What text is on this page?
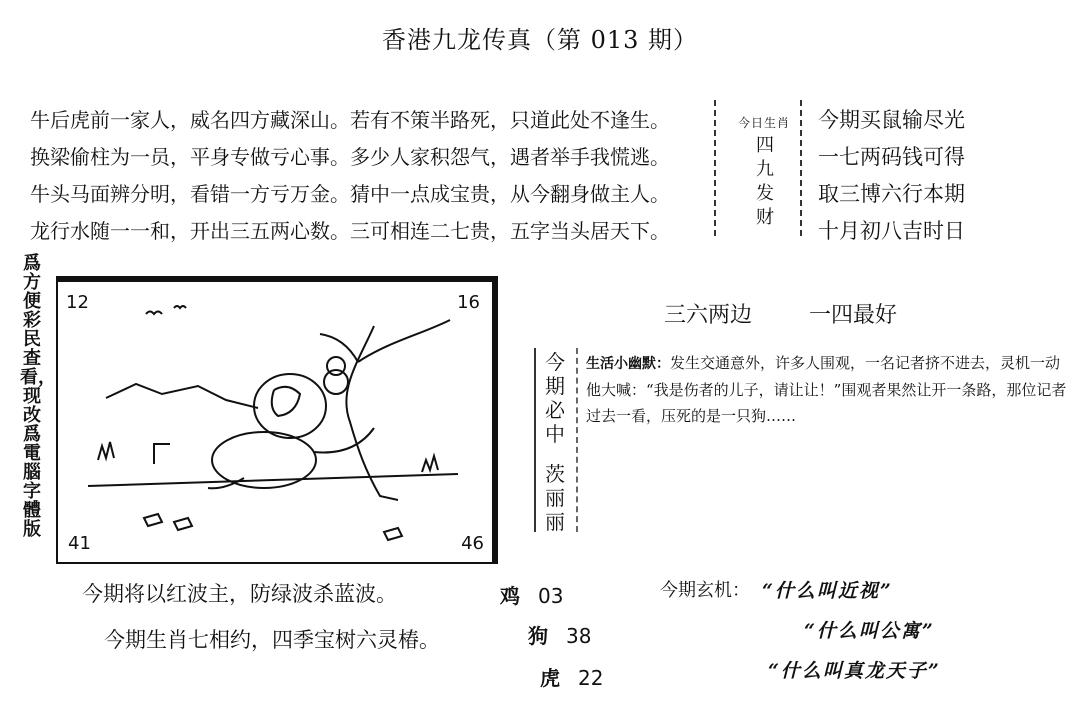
香港九龙传真（第 013 期）
牛后虎前一家人，威名四方藏深山。若有不策半路死，只道此处不逢生。
换梁偷柱为一员，平身专做亏心事。多少人家积怨气，遇者举手我慌逃。
牛头马面辨分明，看错一方亏万金。猜中一点成宝贵，从今翻身做主人。
龙行水随一一和，开出三五两心数。三可相连二七贵，五字当头居天下。
今日生肖
四
九
发
财
今期买鼠输尽光
一七两码钱可得
取三博六行本期
十月初八吉时日
爲方便彩民查看，现改爲電腦字體版
12	16
41	46
今期必中
茨丽丽
三六两边 一四最好
生活小幽默：发生交通意外，许多人围观，一名记者挤不进去，灵机一动他大喊：“我是伤者的儿子，请让让！”围观者果然让开一条路，那位记者过去一看，压死的是一只狗……
今期将以红波主，防绿波杀蓝波。
今期生肖七相约，四季宝树六灵椿。
鸡 03
狗 38
虎 22
今期玄机： “什么叫近视”
“什么叫公寓”
“什么叫真龙天子”
